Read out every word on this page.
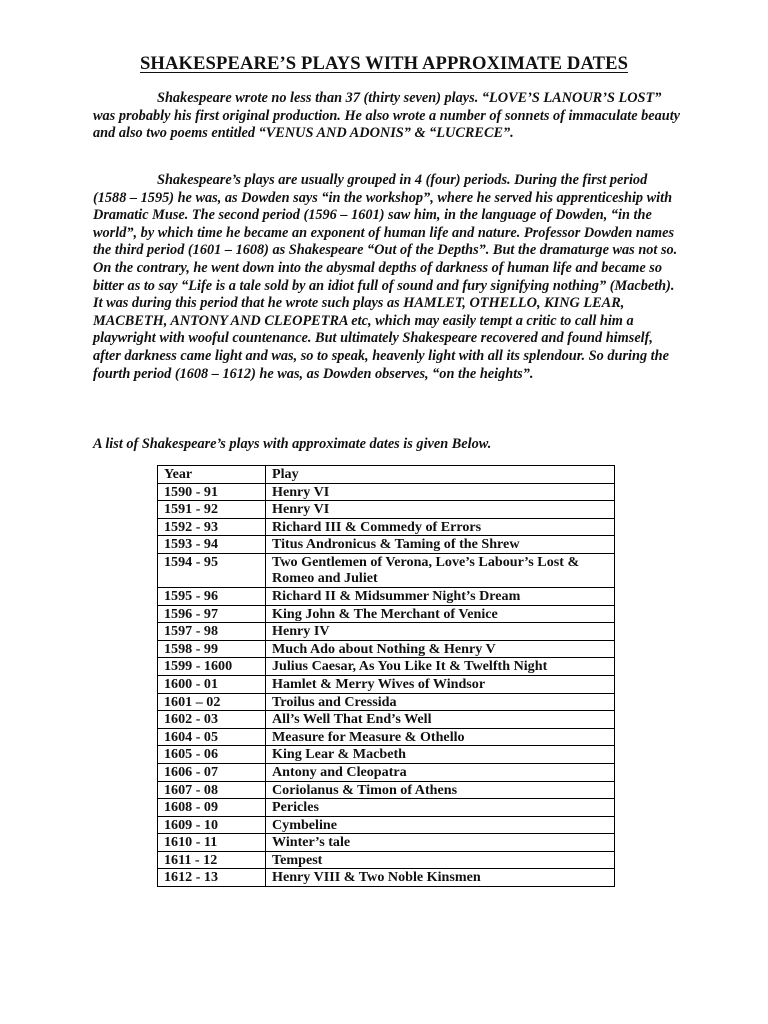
SHAKESPEARE’S PLAYS WITH APPROXIMATE DATES

Shakespeare wrote no less than 37 (thirty seven) plays. “LOVE’S LANOUR’S LOST” was probably his first original production. He also wrote a number of sonnets of immaculate beauty and also two poems entitled “VENUS AND ADONIS” & “LUCRECE”.

Shakespeare’s plays are usually grouped in 4 (four) periods. During the first period (1588 – 1595) he was, as Dowden says “in the workshop”, where he served his apprenticeship with Dramatic Muse. The second period (1596 – 1601) saw him, in the language of Dowden, “in the world”, by which time he became an exponent of human life and nature. Professor Dowden names the third period (1601 – 1608) as Shakespeare “Out of the Depths”. But the dramaturge was not so. On the contrary, he went down into the abysmal depths of darkness of human life and became so bitter as to say “Life is a tale sold by an idiot full of sound and fury signifying nothing” (Macbeth). It was during this period that he wrote such plays as HAMLET, OTHELLO, KING LEAR, MACBETH, ANTONY AND CLEOPETRA etc, which may easily tempt a critic to call him a playwright with wooful countenance. But ultimately Shakespeare recovered and found himself, after darkness came light and was, so to speak, heavenly light with all its splendour. So during the fourth period (1608 – 1612) he was, as Dowden observes, “on the heights”.

A list of Shakespeare’s plays with approximate dates is given Below.

Year	Play
1590 - 91	Henry VI
1591 - 92	Henry VI
1592 - 93	Richard III & Commedy of Errors
1593 - 94	Titus Andronicus & Taming of the Shrew
1594 - 95	Two Gentlemen of Verona, Love’s Labour’s Lost & Romeo and Juliet
1595 - 96	Richard II & Midsummer Night’s Dream
1596 - 97	King John & The Merchant of Venice
1597 - 98	Henry IV
1598 - 99	Much Ado about Nothing & Henry V
1599 - 1600	Julius Caesar, As You Like It & Twelfth Night
1600 - 01	Hamlet & Merry Wives of Windsor
1601 – 02	Troilus and Cressida
1602 - 03	All’s Well That End’s Well
1604 - 05	Measure for Measure & Othello
1605 - 06	King Lear & Macbeth
1606 - 07	Antony and Cleopatra
1607 - 08	Coriolanus & Timon of Athens
1608 - 09	Pericles
1609 - 10	Cymbeline
1610 - 11	Winter’s tale
1611 - 12	Tempest
1612 - 13	Henry VIII & Two Noble Kinsmen
